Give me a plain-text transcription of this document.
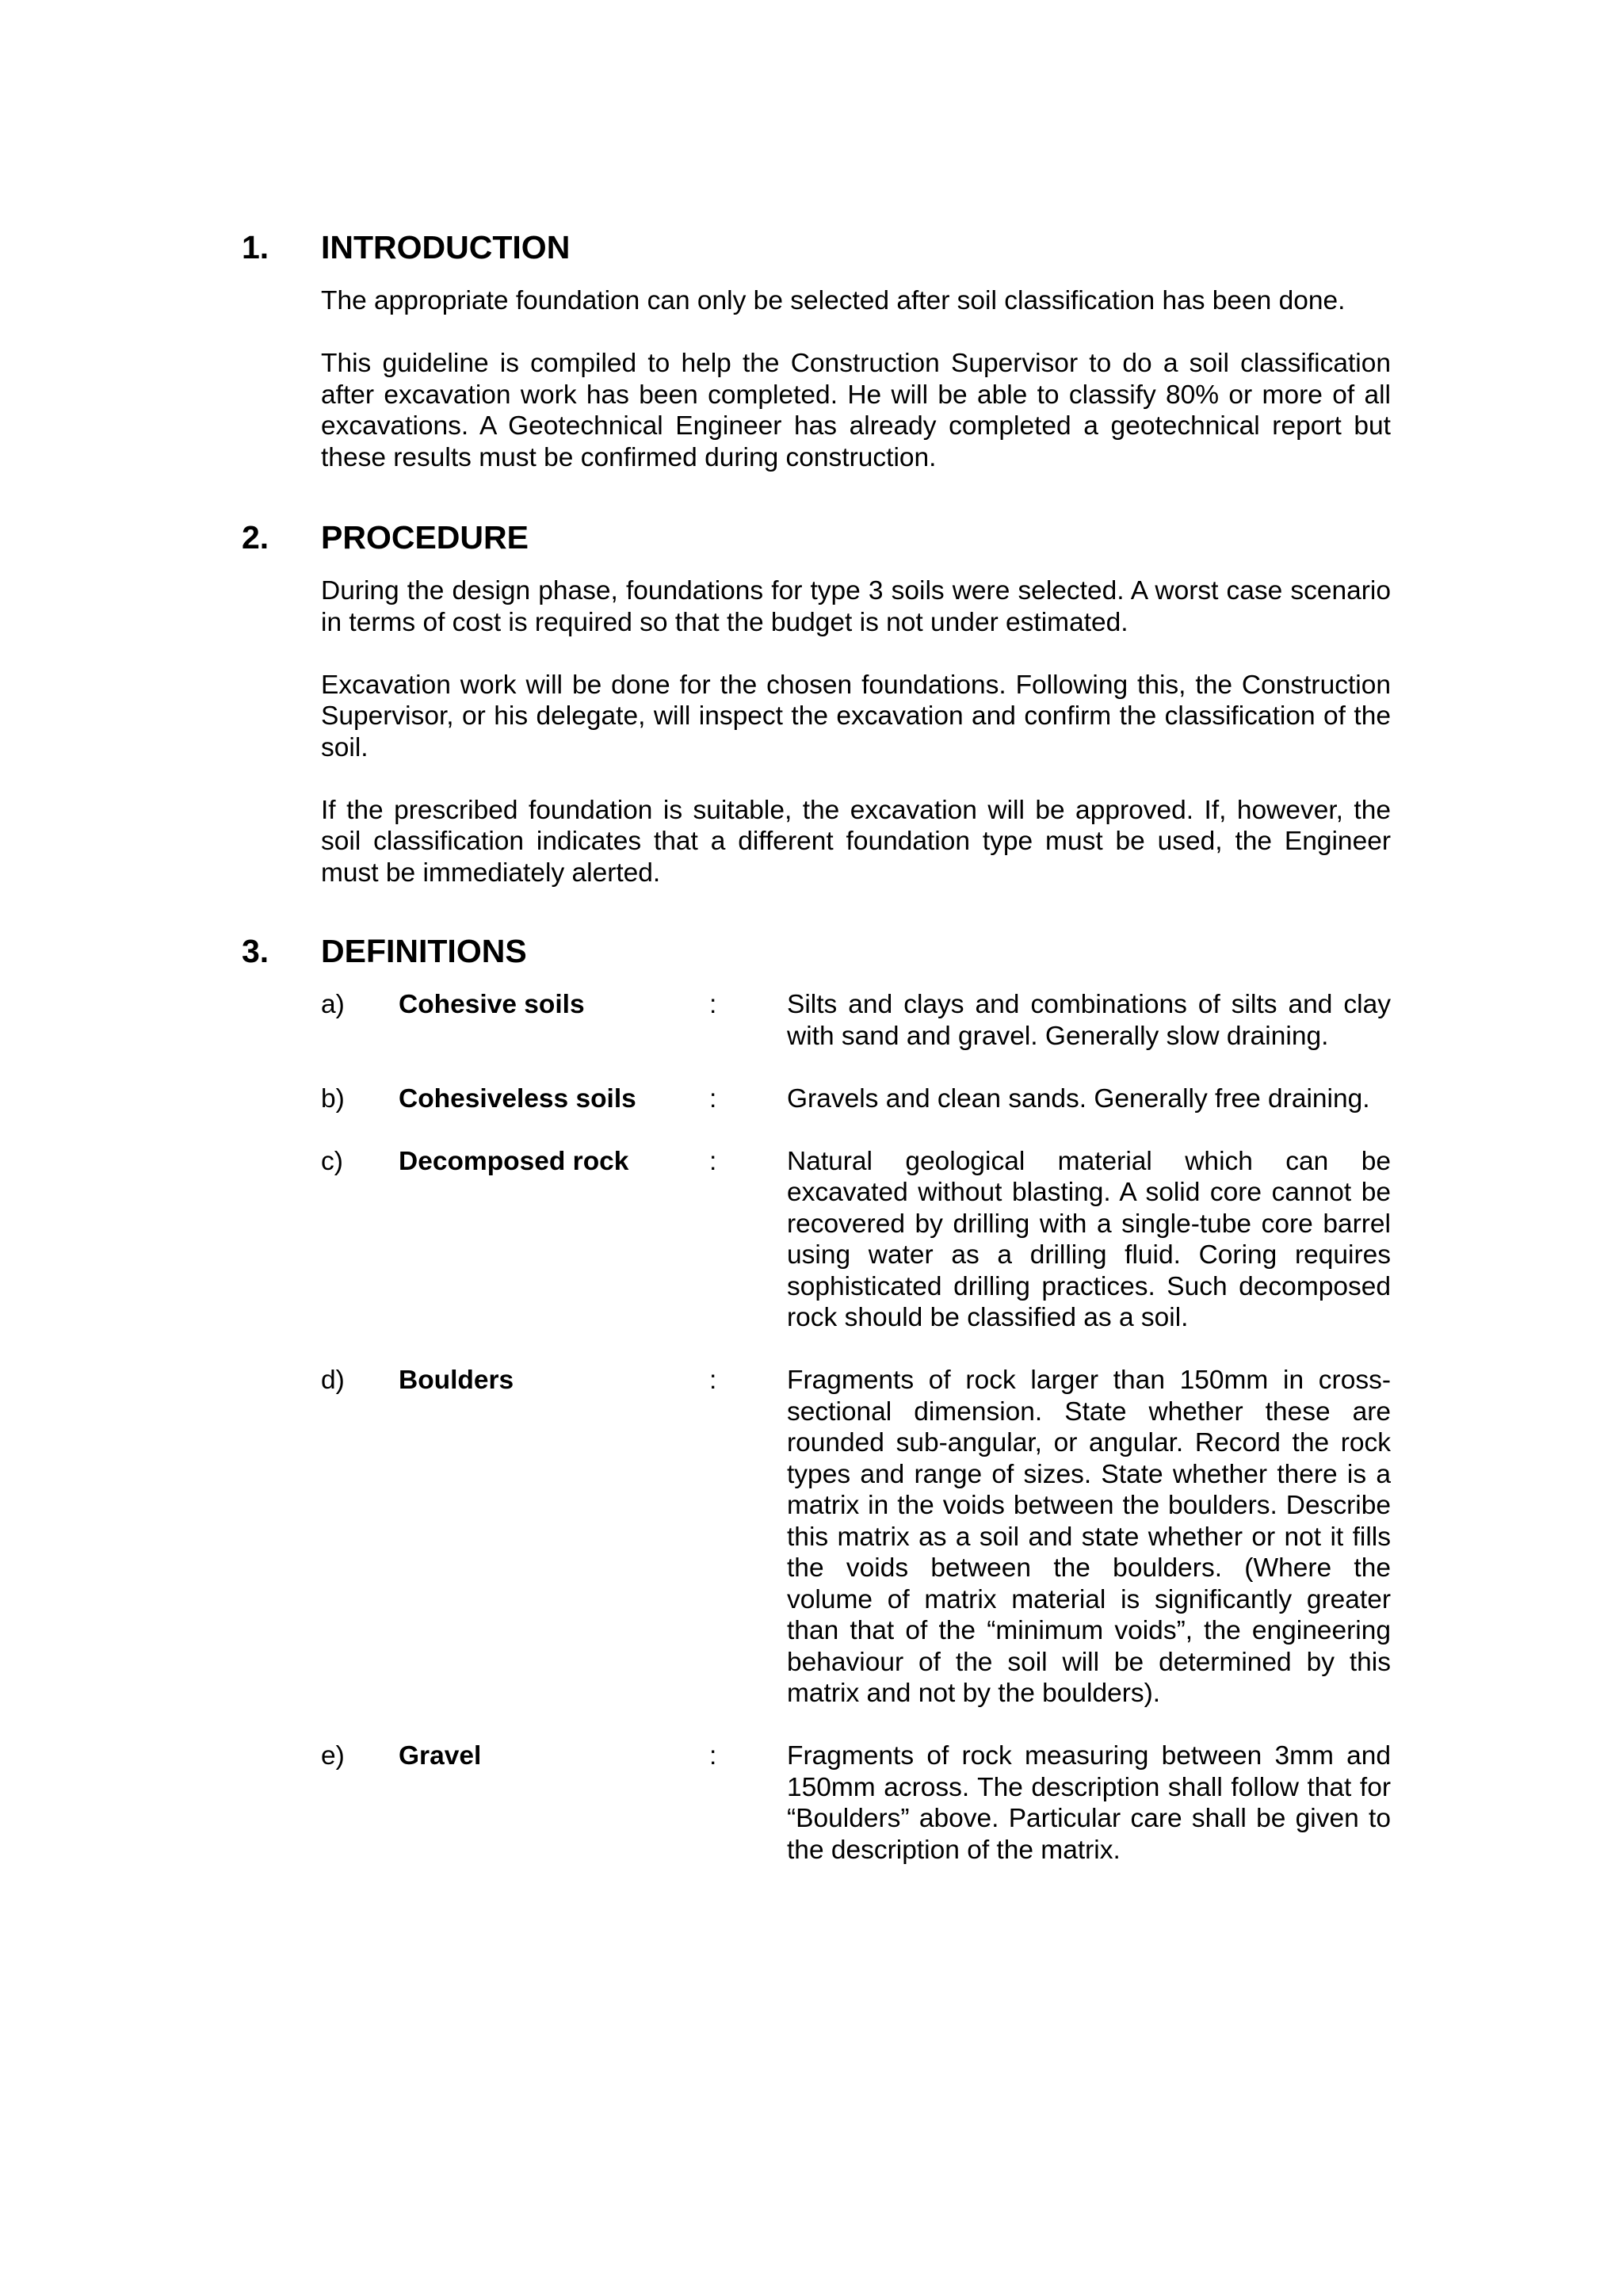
1. INTRODUCTION

The appropriate foundation can only be selected after soil classification has been done.

This guideline is compiled to help the Construction Supervisor to do a soil classification after excavation work has been completed. He will be able to classify 80% or more of all excavations. A Geotechnical Engineer has already completed a geotechnical report but these results must be confirmed during construction.

2. PROCEDURE

During the design phase, foundations for type 3 soils were selected. A worst case scenario in terms of cost is required so that the budget is not under estimated.

Excavation work will be done for the chosen foundations. Following this, the Construction Supervisor, or his delegate, will inspect the excavation and confirm the classification of the soil.

If the prescribed foundation is suitable, the excavation will be approved. If, however, the soil classification indicates that a different foundation type must be used, the Engineer must be immediately alerted.

3. DEFINITIONS
a) Cohesive soils	:	Silts and clays and combinations of silts and clay with sand and gravel. Generally slow draining.
b) Cohesiveless soils	:	Gravels and clean sands. Generally free draining.
c) Decomposed rock	:	Natural geological material which can be excavated without blasting. A solid core cannot be recovered by drilling with a single-tube core barrel using water as a drilling fluid. Coring requires sophisticated drilling practices. Such decomposed rock should be classified as a soil.
d) Boulders	:	Fragments of rock larger than 150mm in cross-sectional dimension. State whether these are rounded sub-angular, or angular. Record the rock types and range of sizes. State whether there is a matrix in the voids between the boulders. Describe this matrix as a soil and state whether or not it fills the voids between the boulders. (Where the volume of matrix material is significantly greater than that of the “minimum voids”, the engineering behaviour of the soil will be determined by this matrix and not by the boulders).
e) Gravel	:	Fragments of rock measuring between 3mm and 150mm across. The description shall follow that for “Boulders” above. Particular care shall be given to the description of the matrix.
